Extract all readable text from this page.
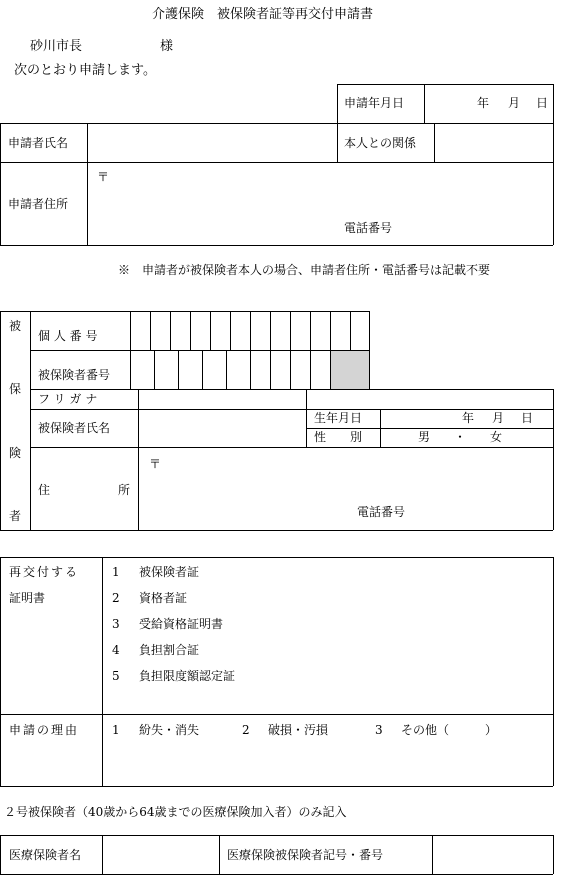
介護保険　被保険者証等再交付申請書
砂川市長	様
次のとおり申請します。
申請年月日	年 月 日
申請者氏名	本人との関係
申請者住所
〒
電話番号
※　申請者が被保険者本人の場合、申請者住所・電話番号は記載不要
被
保
険
者
個 人 番 号
被保険者番号
フリガナ
被保険者氏名
生年月日	年 月 日
性　　別	男　　・　　女
住	所
〒
電話番号
再交付する
証明書
1 被保険者証
2 資格者証
3 受給資格証明書
4 負担割合証
5 負担限度額認定証
申請の理由	1 紛失・消失	2 破損・汚損	3 その他（　　　）
２号被保険者（40歳から64歳までの医療保険加入者）のみ記入
医療保険者名	医療保険被保険者記号・番号
